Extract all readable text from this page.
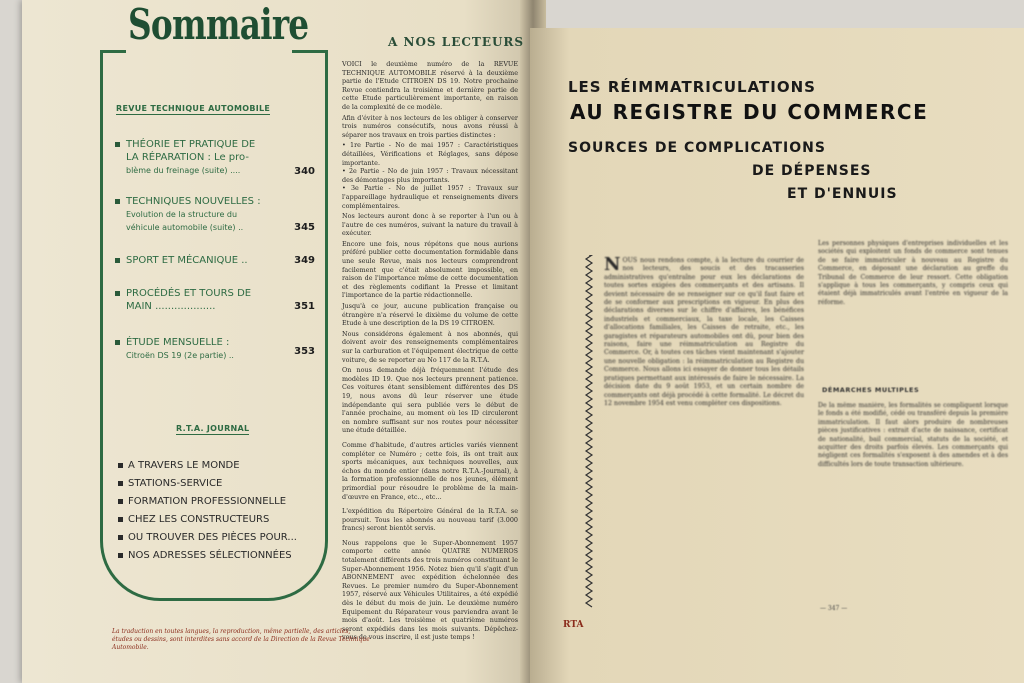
Sommaire
REVUE TECHNIQUE AUTOMOBILE
THÉORIE ET PRATIQUE DE
LA RÉPARATION : Le pro-
blème du freinage (suite) ....	340
TECHNIQUES NOUVELLES :
Evolution de la structure du
véhicule automobile (suite) ..	345
SPORT ET MÉCANIQUE ..	349
PROCÉDÉS ET TOURS DE
MAIN ...................	351
ÉTUDE MENSUELLE :
Citroën DS 19 (2e partie) ..	353
R.T.A. JOURNAL
A TRAVERS LE MONDE
STATIONS-SERVICE
FORMATION PROFESSIONNELLE
CHEZ LES CONSTRUCTEURS
OU TROUVER DES PIÈCES POUR...
NOS ADRESSES SÉLECTIONNÉES
A NOS LECTEURS

VOICI le deuxième numéro de la REVUE TECHNIQUE AUTOMOBILE réservé à la deuxième partie de l'Etude CITROEN DS 19. Notre prochaine Revue contiendra la troisième et dernière partie de cette Etude particulièrement importante, en raison de la complexité de ce modèle.

Afin d'éviter à nos lecteurs de les obliger à conserver trois numéros consécutifs, nous avons réussi à séparer nos travaux en trois parties distinctes :

• 1re Partie - No de mai 1957 : Caractéristiques détaillées, Vérifications et Réglages, sans dépose importante.

• 2e Partie - No de juin 1957 : Travaux nécessitant des démontages plus importants.

• 3e Partie - No de juillet 1957 : Travaux sur l'appareillage hydraulique et renseignements divers complémentaires.

Nos lecteurs auront donc à se reporter à l'un ou à l'autre de ces numéros, suivant la nature du travail à exécuter.

Encore une fois, nous répétons que nous aurions préféré publier cette documentation formidable dans une seule Revue, mais nos lecteurs comprendront facilement que c'était absolument impossible, en raison de l'importance même de cette documentation et des règlements codifiant la Presse et limitant l'importance de la partie rédactionnelle.

Jusqu'à ce jour, aucune publication française ou étrangère n'a réservé le dixième du volume de cette Etude à une description de la DS 19 CITROEN.

Nous considérons également à nos abonnés, qui doivent avoir des renseignements complémentaires sur la carburation et l'équipement électrique de cette voiture, de se reporter au No 117 de la R.T.A.

On nous demande déjà fréquemment l'étude des modèles ID 19. Que nos lecteurs prennent patience. Ces voitures étant sensiblement différentes des DS 19, nous avons dû leur réserver une étude indépendante qui sera publiée vers le début de l'année prochaine, au moment où les ID circuleront en nombre suffisant sur nos routes pour nécessiter une étude détaillée.

Comme d'habitude, d'autres articles variés viennent compléter ce Numéro ; cette fois, ils ont trait aux sports mécaniques, aux techniques nouvelles, aux échos du monde entier (dans notre R.T.A.-Journal), à la formation professionnelle de nos jeunes, élément primordial pour résoudre le problème de la main-d'œuvre en France, etc.., etc...

L'expédition du Répertoire Général de la R.T.A. se poursuit. Tous les abonnés au nouveau tarif (3.000 francs) seront bientôt servis.

Nous rappelons que le Super-Abonnement 1957 comporte cette année QUATRE NUMEROS totalement différents des trois numéros constituant le Super-Abonnement 1956. Notez bien qu'il s'agit d'un ABONNEMENT avec expédition échelonnée des Revues. Le premier numéro du Super-Abonnement 1957, réservé aux Véhicules Utilitaires, a été expédié dès le début du mois de juin. Le deuxième numéro Equipement du Réparateur vous parviendra avant le mois d'août. Les troisième et quatrième numéros seront expédiés dans les mois suivants. Dépêchez-vous de vous inscrire, il est juste temps !

La traduction en toutes langues, la reproduction, même partielle, des articles, études ou dessins, sont interdites sans accord de la Direction de la Revue Technique Automobile.
RTA
LES RÉIMMATRICULATIONS
AU REGISTRE DU COMMERCE
SOURCES DE COMPLICATIONS
DE DÉPENSES
ET D'ENNUIS
NOUS nous rendons compte, à la lecture du courrier de nos lecteurs, des soucis et des tracasseries administratives qu'entraîne pour eux les déclarations de toutes sortes exigées des commerçants et des artisans. Il devient nécessaire de se renseigner sur ce qu'il faut faire et de se conformer aux prescriptions en vigueur. En plus des déclarations diverses sur le chiffre d'affaires, les bénéfices industriels et commerciaux, la taxe locale, les Caisses d'allocations familiales, les Caisses de retraite, etc., les garagistes et réparateurs automobiles ont dû, pour bien des raisons, faire une réimmatriculation au Registre du Commerce. Or, à toutes ces tâches vient maintenant s'ajouter une nouvelle obligation : la réimmatriculation au Registre du Commerce. Nous allons ici essayer de donner tous les détails pratiques permettant aux intéressés de faire le nécessaire. La décision date du 9 août 1953, et un certain nombre de commerçants ont déjà procédé à cette formalité. Le décret du 12 novembre 1954 est venu compléter ces dispositions.
Les personnes physiques d'entreprises individuelles et les sociétés qui exploitent un fonds de commerce sont tenues de se faire immatriculer à nouveau au Registre du Commerce, en déposant une déclaration au greffe du Tribunal de Commerce de leur ressort. Cette obligation s'applique à tous les commerçants, y compris ceux qui étaient déjà immatriculés avant l'entrée en vigueur de la réforme.
DÉMARCHES MULTIPLES
De la même manière, les formalités se compliquent lorsque le fonds a été modifié, cédé ou transféré depuis la première immatriculation. Il faut alors produire de nombreuses pièces justificatives : extrait d'acte de naissance, certificat de nationalité, bail commercial, statuts de la société, et acquitter des droits parfois élevés. Les commerçants qui négligent ces formalités s'exposent à des amendes et à des difficultés lors de toute transaction ultérieure.
— 347 —
